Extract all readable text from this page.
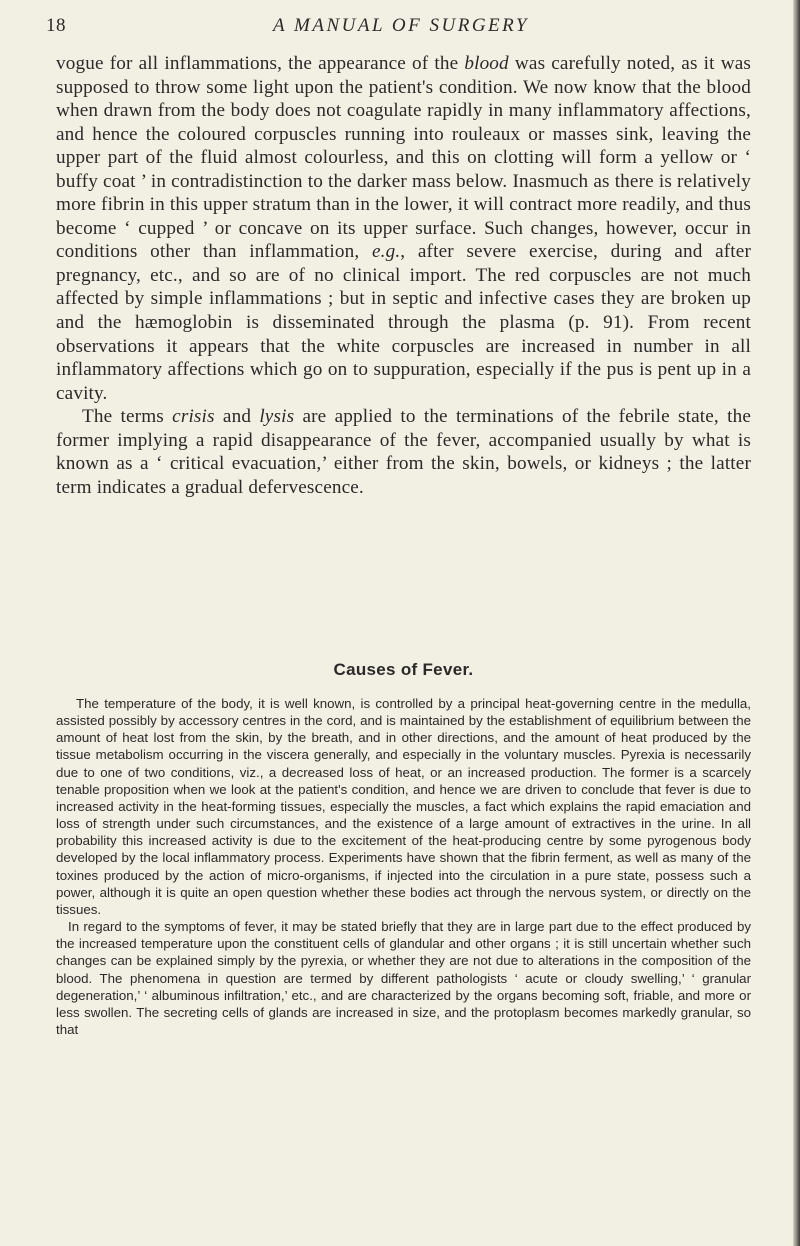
18	A MANUAL OF SURGERY

vogue for all inflammations, the appearance of the blood was carefully noted, as it was supposed to throw some light upon the patient's condition. We now know that the blood when drawn from the body does not coagulate rapidly in many inflammatory affections, and hence the coloured corpuscles running into rouleaux or masses sink, leaving the upper part of the fluid almost colourless, and this on clotting will form a yellow or ‘ buffy coat ’ in contradistinction to the darker mass below. Inasmuch as there is relatively more fibrin in this upper stratum than in the lower, it will contract more readily, and thus become ‘ cupped ’ or concave on its upper surface. Such changes, however, occur in conditions other than inflammation, e.g., after severe exercise, during and after pregnancy, etc., and so are of no clinical import. The red corpuscles are not much affected by simple inflammations ; but in septic and infective cases they are broken up and the hæmoglobin is disseminated through the plasma (p. 91). From recent observations it appears that the white corpuscles are increased in number in all inflammatory affections which go on to suppuration, especially if the pus is pent up in a cavity.

The terms crisis and lysis are applied to the terminations of the febrile state, the former implying a rapid disappearance of the fever, accompanied usually by what is known as a ‘ critical evacuation,’ either from the skin, bowels, or kidneys ; the latter term indicates a gradual defervescence.

Causes of Fever.

The temperature of the body, it is well known, is controlled by a principal heat-governing centre in the medulla, assisted possibly by accessory centres in the cord, and is maintained by the establishment of equilibrium between the amount of heat lost from the skin, by the breath, and in other directions, and the amount of heat produced by the tissue metabolism occurring in the viscera generally, and especially in the voluntary muscles. Pyrexia is necessarily due to one of two conditions, viz., a decreased loss of heat, or an increased production. The former is a scarcely tenable proposition when we look at the patient's condition, and hence we are driven to conclude that fever is due to increased activity in the heat-forming tissues, especially the muscles, a fact which explains the rapid emaciation and loss of strength under such circumstances, and the existence of a large amount of extractives in the urine. In all probability this increased activity is due to the excitement of the heat-producing centre by some pyrogenous body developed by the local inflammatory process. Experiments have shown that the fibrin ferment, as well as many of the toxines produced by the action of micro-organisms, if injected into the circulation in a pure state, possess such a power, although it is quite an open question whether these bodies act through the nervous system, or directly on the tissues.

In regard to the symptoms of fever, it may be stated briefly that they are in large part due to the effect produced by the increased temperature upon the constituent cells of glandular and other organs ; it is still uncertain whether such changes can be explained simply by the pyrexia, or whether they are not due to alterations in the composition of the blood. The phenomena in question are termed by different pathologists ‘ acute or cloudy swelling,’ ‘ granular degeneration,’ ‘ albuminous infiltration,’ etc., and are characterized by the organs becoming soft, friable, and more or less swollen. The secreting cells of glands are increased in size, and the protoplasm becomes markedly granular, so that
